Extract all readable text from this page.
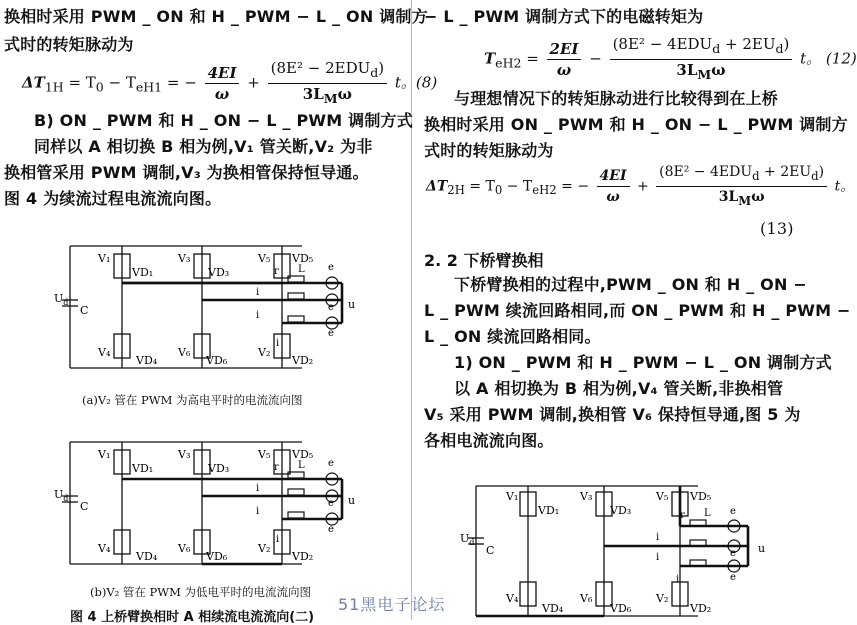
换相时采用 PWM _ ON 和 H _ PWM − L _ ON 调制方
式时的转矩脉动为
$\Delta T_{1H} = T_0 - T_{eH1}$ = − $\frac{4EI}{\omega} + \frac{(8E^2 - 2EDU_d)}{3L_M\omega}$ t。(8)
B) ON _ PWM 和 H _ ON − L _ PWM 调制方式
同样以 A 相切换 B 相为例,V₁ 管关断,V₂ 为非
换相管采用 PWM 调制,V₃ 为换相管保持恒导通。
图 4 为续流过程电流流向图。
$U_d$
C
V₁
VD₁
V₃
VD₃
V₅ VD₅
V₄
VD₄
V₆
VD₆
V₂
VD₂
i
i
i
r L e
e
e
u
(a)V₂ 管在 PWM 为高电平时的电流流向图
$U_d$
C
V₁
VD₁
V₃
VD₃
V₅ VD₅
V₄
VD₄
V₆
VD₆
V₂
VD₂
i
i
i
r L e
e
e
u
(b)V₂ 管在 PWM 为低电平时的电流流向图
图 4 上桥臂换相时 A 相续流电流流向(二)
− L _ PWM 调制方式下的电磁转矩为
$T_{eH2} = \frac{2EI}{\omega} - \frac{(8E^2 - 4EDU_d + 2EU_d)}{3L_M\omega}$ t。 (12)
与理想情况下的转矩脉动进行比较得到在上桥
换相时采用 ON _ PWM 和 H _ ON − L _ PWM 调制方
式时的转矩脉动为
$\Delta T_{2H} = T_0 - T_{eH2}$ = − $\frac{4EI}{\omega} + \frac{(8E^2 - 4EDU_d + 2EU_d)}{3L_M\omega}$ t。
(13)
2. 2 下桥臂换相
下桥臂换相的过程中,PWM _ ON 和 H _ ON −
L _ PWM 续流回路相同,而 ON _ PWM 和 H _ PWM −
L _ ON 续流回路相同。
1) ON _ PWM 和 H _ PWM − L _ ON 调制方式
以 A 相切换为 B 相为例,V₄ 管关断,非换相管
V₅ 采用 PWM 调制,换相管 V₆ 保持恒导通,图 5 为
各相电流流向图。
$U_d$
C
V₁
VD₁
V₃
VD₃
V₅ VD₅
V₄
VD₄
V₆
VD₆
V₂
VD₂
i
i
i
r L e
e
e
u
51黑电子论坛
